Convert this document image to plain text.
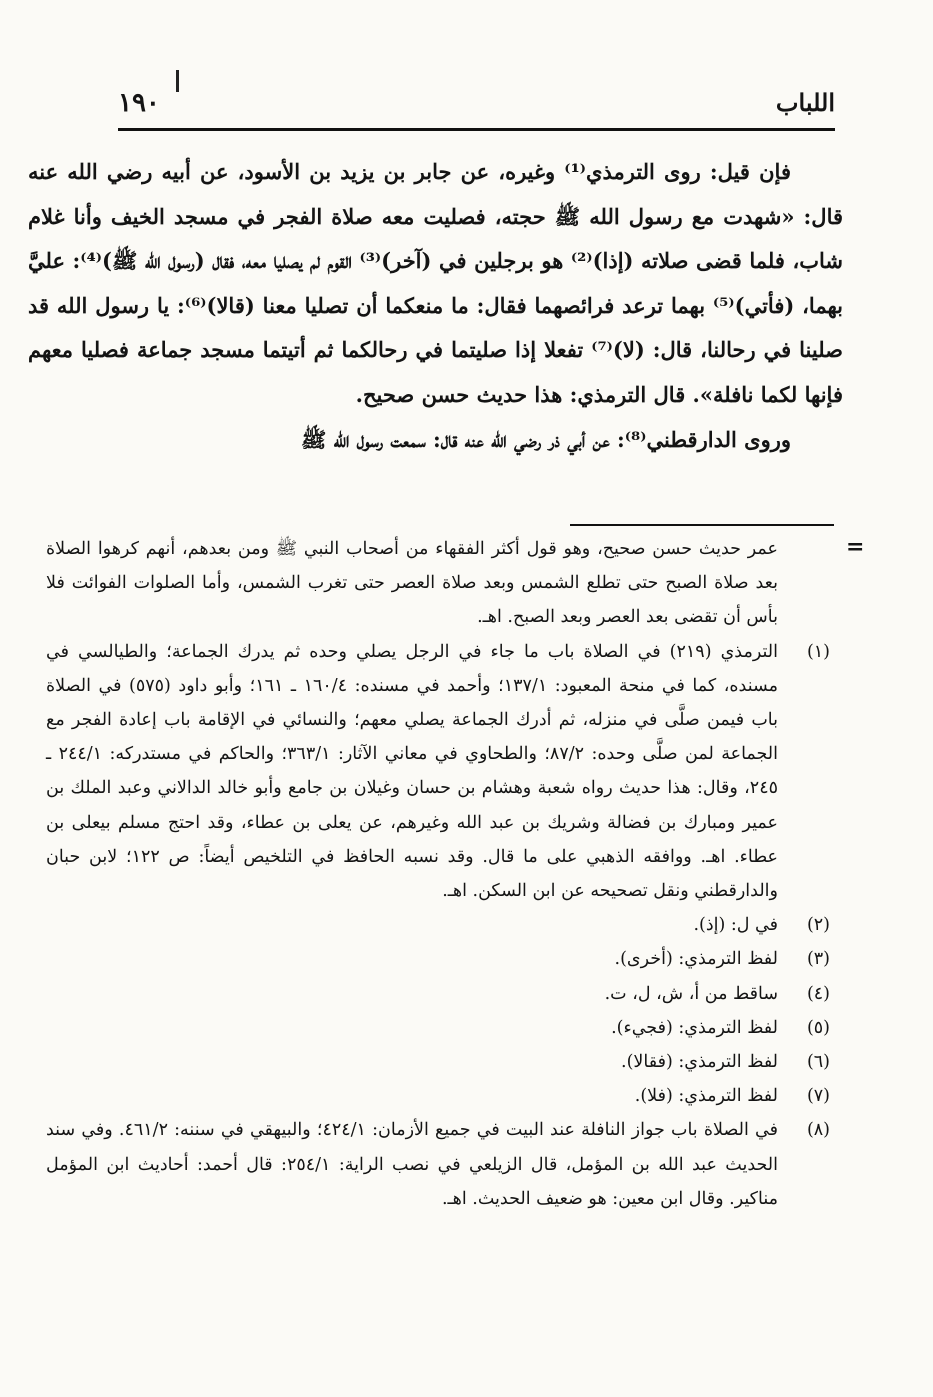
١٩٠	اللباب

فإن قيل: روى الترمذي⁽¹⁾ وغيره، عن جابر بن يزيد بن الأسود، عن أبيه رضي الله عنه قال: «شهدت مع رسول الله ﷺ حجته، فصليت معه صلاة الفجر في مسجد الخيف وأنا غلام شاب، فلما قضى صلاته (إذا)⁽²⁾ هو برجلين في (آخر)⁽³⁾ القوم لم يصليا معه، فقال (رسول الله ﷺ)⁽⁴⁾: عليَّ بهما، (فأتي)⁽⁵⁾ بهما ترعد فرائصهما فقال: ما منعكما أن تصليا معنا (قالا)⁽⁶⁾: يا رسول الله قد صلينا في رحالنا، قال: (لا)⁽⁷⁾ تفعلا إذا صليتما في رحالكما ثم أتيتما مسجد جماعة فصليا معهم فإنها لكما نافلة». قال الترمذي: هذا حديث حسن صحيح.

وروى الدارقطني⁽⁸⁾: عن أبي ذر رضي الله عنه قال: سمعت رسول الله ﷺ

=
عمر حديث حسن صحيح، وهو قول أكثر الفقهاء من أصحاب النبي ﷺ ومن بعدهم، أنهم كرهوا الصلاة بعد صلاة الصبح حتى تطلع الشمس وبعد صلاة العصر حتى تغرب الشمس، وأما الصلوات الفوائت فلا بأس أن تقضى بعد العصر وبعد الصبح. اهـ.
(١)
الترمذي (٢١٩) في الصلاة باب ما جاء في الرجل يصلي وحده ثم يدرك الجماعة؛ والطيالسي في مسنده، كما في منحة المعبود: ١٣٧/١؛ وأحمد في مسنده: ١٦٠/٤ ـ ١٦١؛ وأبو داود (٥٧٥) في الصلاة باب فيمن صلَّى في منزله، ثم أدرك الجماعة يصلي معهم؛ والنسائي في الإقامة باب إعادة الفجر مع الجماعة لمن صلَّى وحده: ٨٧/٢؛ والطحاوي في معاني الآثار: ٣٦٣/١؛ والحاكم في مستدركه: ٢٤٤/١ ـ ٢٤٥، وقال: هذا حديث رواه شعبة وهشام بن حسان وغيلان بن جامع وأبو خالد الدالاني وعبد الملك بن عمير ومبارك بن فضالة وشريك بن عبد الله وغيرهم، عن يعلى بن عطاء، وقد احتج مسلم بيعلى بن عطاء. اهـ. ووافقه الذهبي على ما قال. وقد نسبه الحافظ في التلخيص أيضاً: ص ١٢٢؛ لابن حبان والدارقطني ونقل تصحيحه عن ابن السكن. اهـ.
(٢)
في ل: (إذ).
(٣)
لفظ الترمذي: (أخرى).
(٤)
ساقط من أ، ش، ل، ت.
(٥)
لفظ الترمذي: (فجيء).
(٦)
لفظ الترمذي: (فقالا).
(٧)
لفظ الترمذي: (فلا).
(٨)
في الصلاة باب جواز النافلة عند البيت في جميع الأزمان: ٤٢٤/١؛ والبيهقي في سننه: ٤٦١/٢. وفي سند الحديث عبد الله بن المؤمل، قال الزيلعي في نصب الراية: ٢٥٤/١: قال أحمد: أحاديث ابن المؤمل مناكير. وقال ابن معين: هو ضعيف الحديث. اهـ.
